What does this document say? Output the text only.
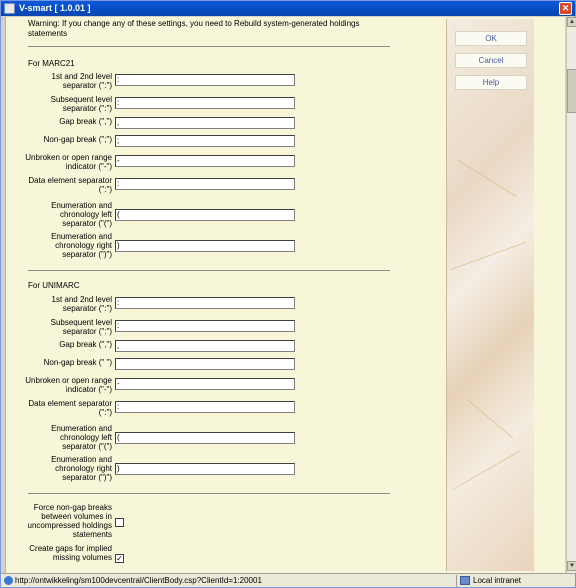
V-smart [ 1.0.01 ]	✕
Warning: If you change any of these settings, you need to Rebuild system-generated holdings statements
For MARC21
1st and 2nd level separator (":")
:
Subsequent level separator (":")
:
Gap break (",") ,
Non-gap break (";") ;
Unbroken or open range indicator ("-")
-
Data element separator (":")
:
Enumeration and chronology left separator ("(")
(
Enumeration and chronology right separator (")")
)
For UNIMARC
1st and 2nd level separator (":")
:
Subsequent level separator (":")
:
Gap break (",") ,
Non-gap break (" ")
Unbroken or open range indicator ("-")
-
Data element separator (":")
:
Enumeration and chronology left separator ("(")
(
Enumeration and chronology right separator (")")
)
Force non-gap breaks between volumes in uncompressed holdings statements
Create gaps for implied missing volumes ✓
OK
Cancel
Help
▲
▼
http://ontwikkeling/sm100devcentral/ClientBody.csp?ClientId=1:20001	Local intranet
